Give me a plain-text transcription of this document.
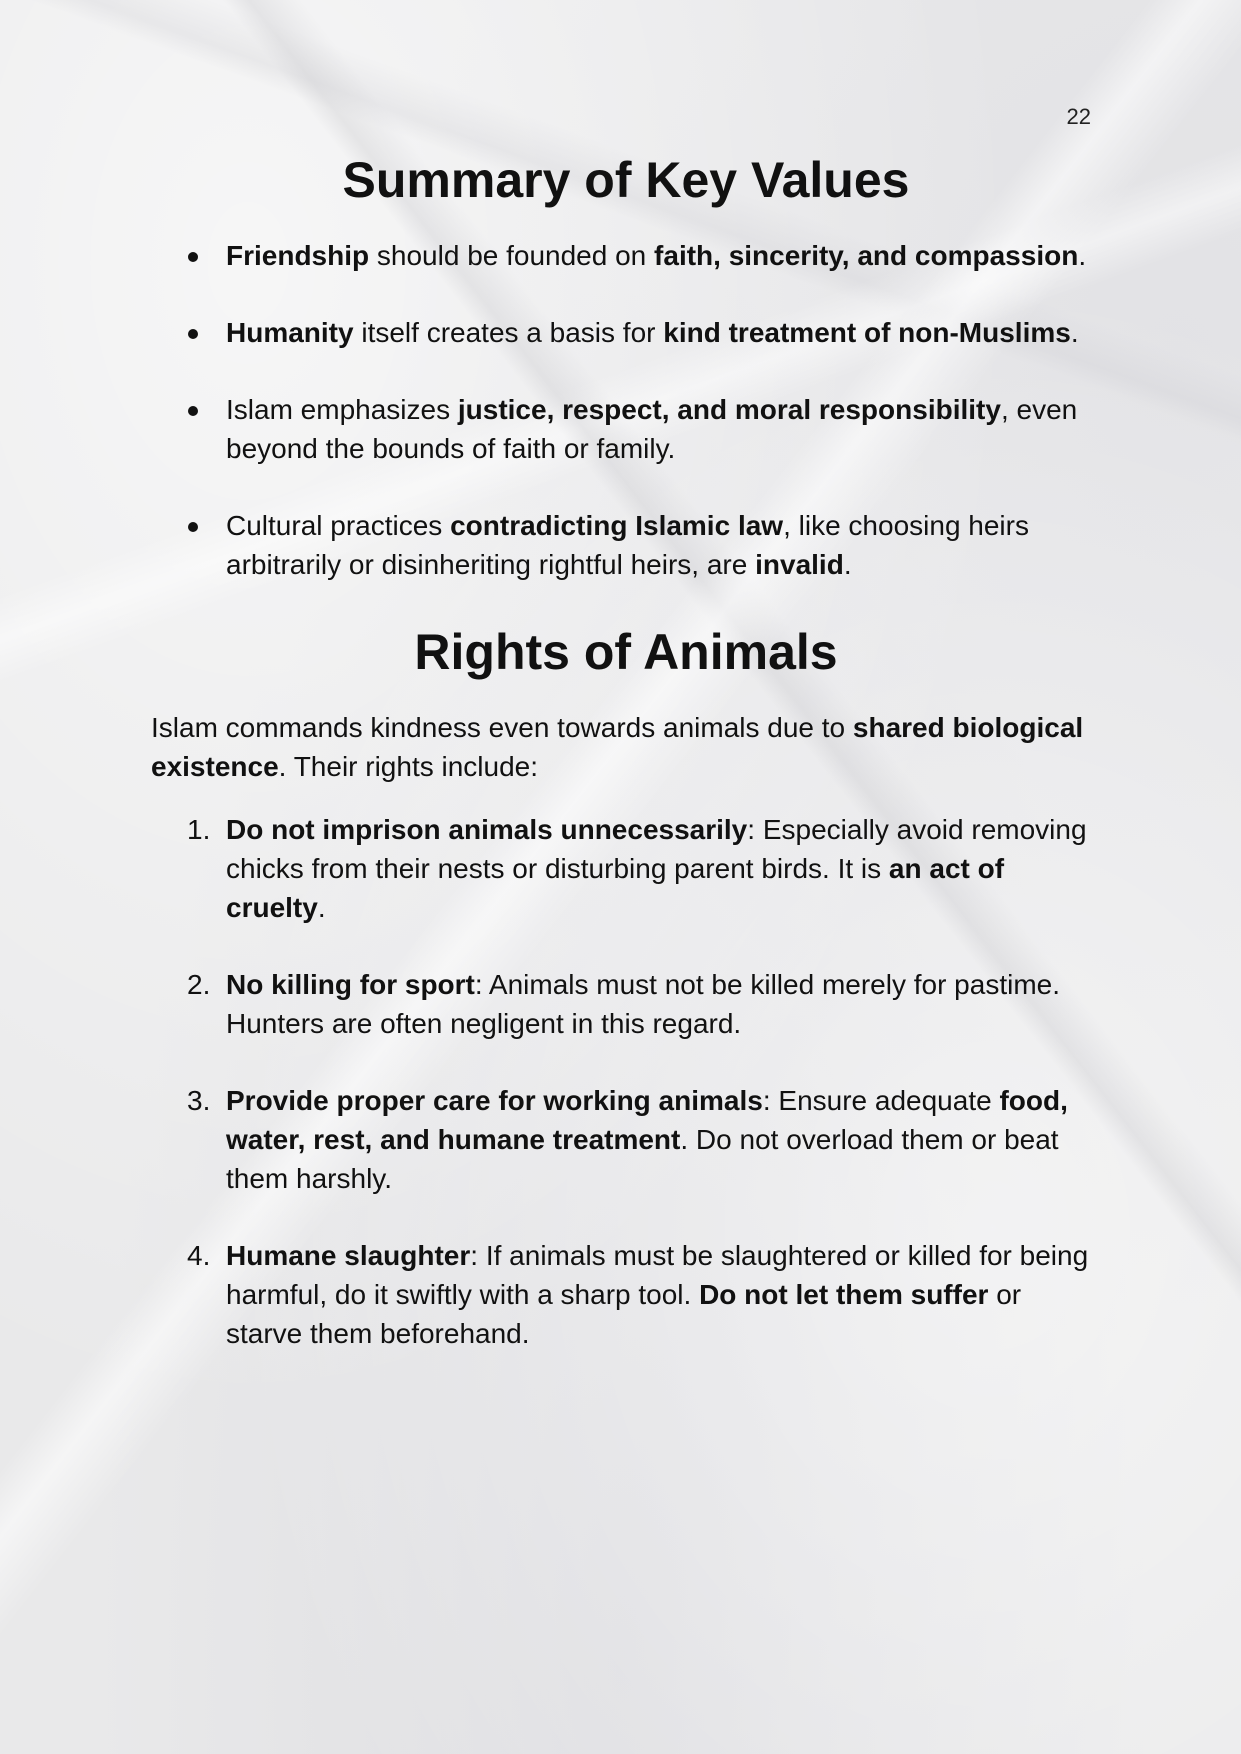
22
Summary of Key Values
Friendship should be founded on faith, sincerity, and compassion.
Humanity itself creates a basis for kind treatment of non-Muslims.
Islam emphasizes justice, respect, and moral responsibility, even beyond the bounds of faith or family.
Cultural practices contradicting Islamic law, like choosing heirs arbitrarily or disinheriting rightful heirs, are invalid.
Rights of Animals

Islam commands kindness even towards animals due to shared biological existence. Their rights include:

1. Do not imprison animals unnecessarily: Especially avoid removing chicks from their nests or disturbing parent birds. It is an act of cruelty.
2. No killing for sport: Animals must not be killed merely for pastime. Hunters are often negligent in this regard.
3. Provide proper care for working animals: Ensure adequate food, water, rest, and humane treatment. Do not overload them or beat them harshly.
4. Humane slaughter: If animals must be slaughtered or killed for being harmful, do it swiftly with a sharp tool. Do not let them suffer or starve them beforehand.
